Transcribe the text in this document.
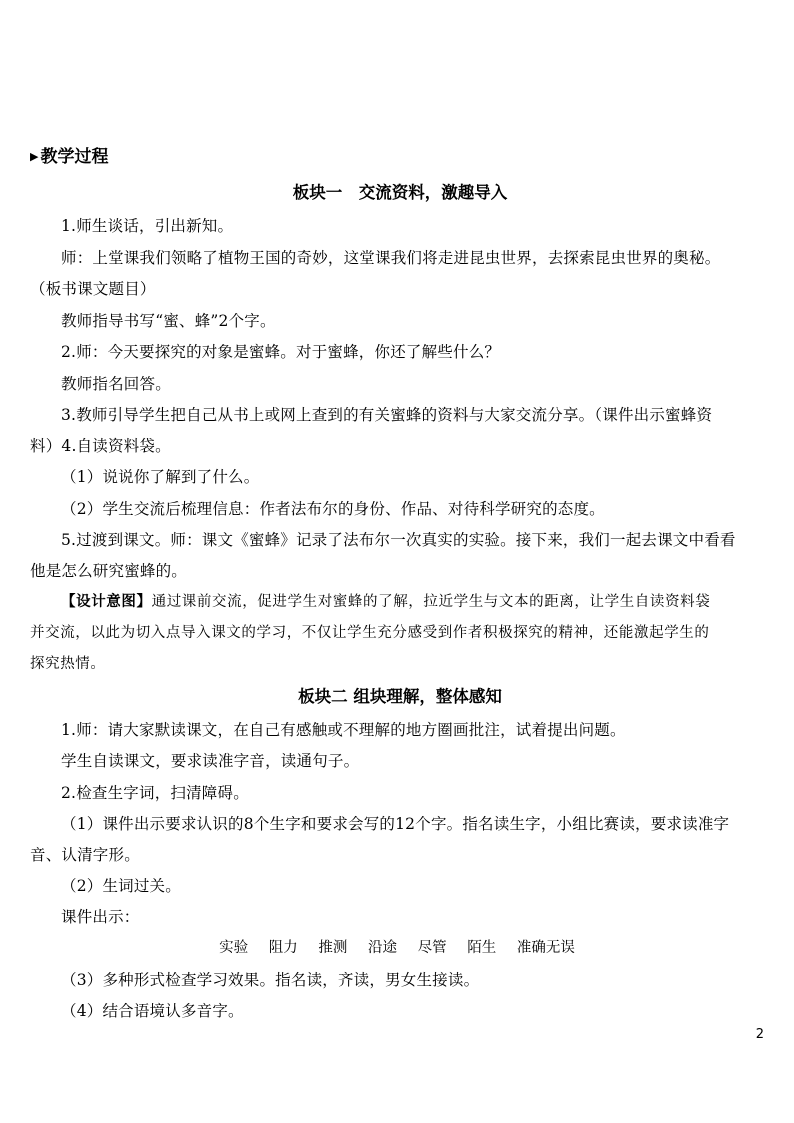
▶ 教学过程
板块一　交流资料，激趣导入
1.师生谈话，引出新知。
师：上堂课我们领略了植物王国的奇妙，这堂课我们将走进昆虫世界，去探索昆虫世界的奥秘。
（板书课文题目）
教师指导书写“蜜、蜂”2个字。
2.师：今天要探究的对象是蜜蜂。对于蜜蜂，你还了解些什么？
教师指名回答。
3.教师引导学生把自己从书上或网上查到的有关蜜蜂的资料与大家交流分享。（课件出示蜜蜂资
料）4.自读资料袋。
（1）说说你了解到了什么。
（2）学生交流后梳理信息：作者法布尔的身份、作品、对待科学研究的态度。
5.过渡到课文。师：课文《蜜蜂》记录了法布尔一次真实的实验。接下来，我们一起去课文中看看
他是怎么研究蜜蜂的。
【设计意图】通过课前交流，促进学生对蜜蜂的了解，拉近学生与文本的距离，让学生自读资料袋
并交流，以此为切入点导入课文的学习，不仅让学生充分感受到作者积极探究的精神，还能激起学生的
探究热情。
板块二 组块理解，整体感知
1.师：请大家默读课文，在自己有感触或不理解的地方圈画批注，试着提出问题。
学生自读课文，要求读准字音，读通句子。
2.检查生字词，扫清障碍。
（1）课件出示要求认识的8个生字和要求会写的12个字。指名读生字，小组比赛读，要求读准字
音、认清字形。
（2）生词过关。
课件出示：
实验 阻力 推测 沿途 尽管 陌生 准确无误
（3）多种形式检查学习效果。指名读，齐读，男女生接读。
（4）结合语境认多音字。
2
